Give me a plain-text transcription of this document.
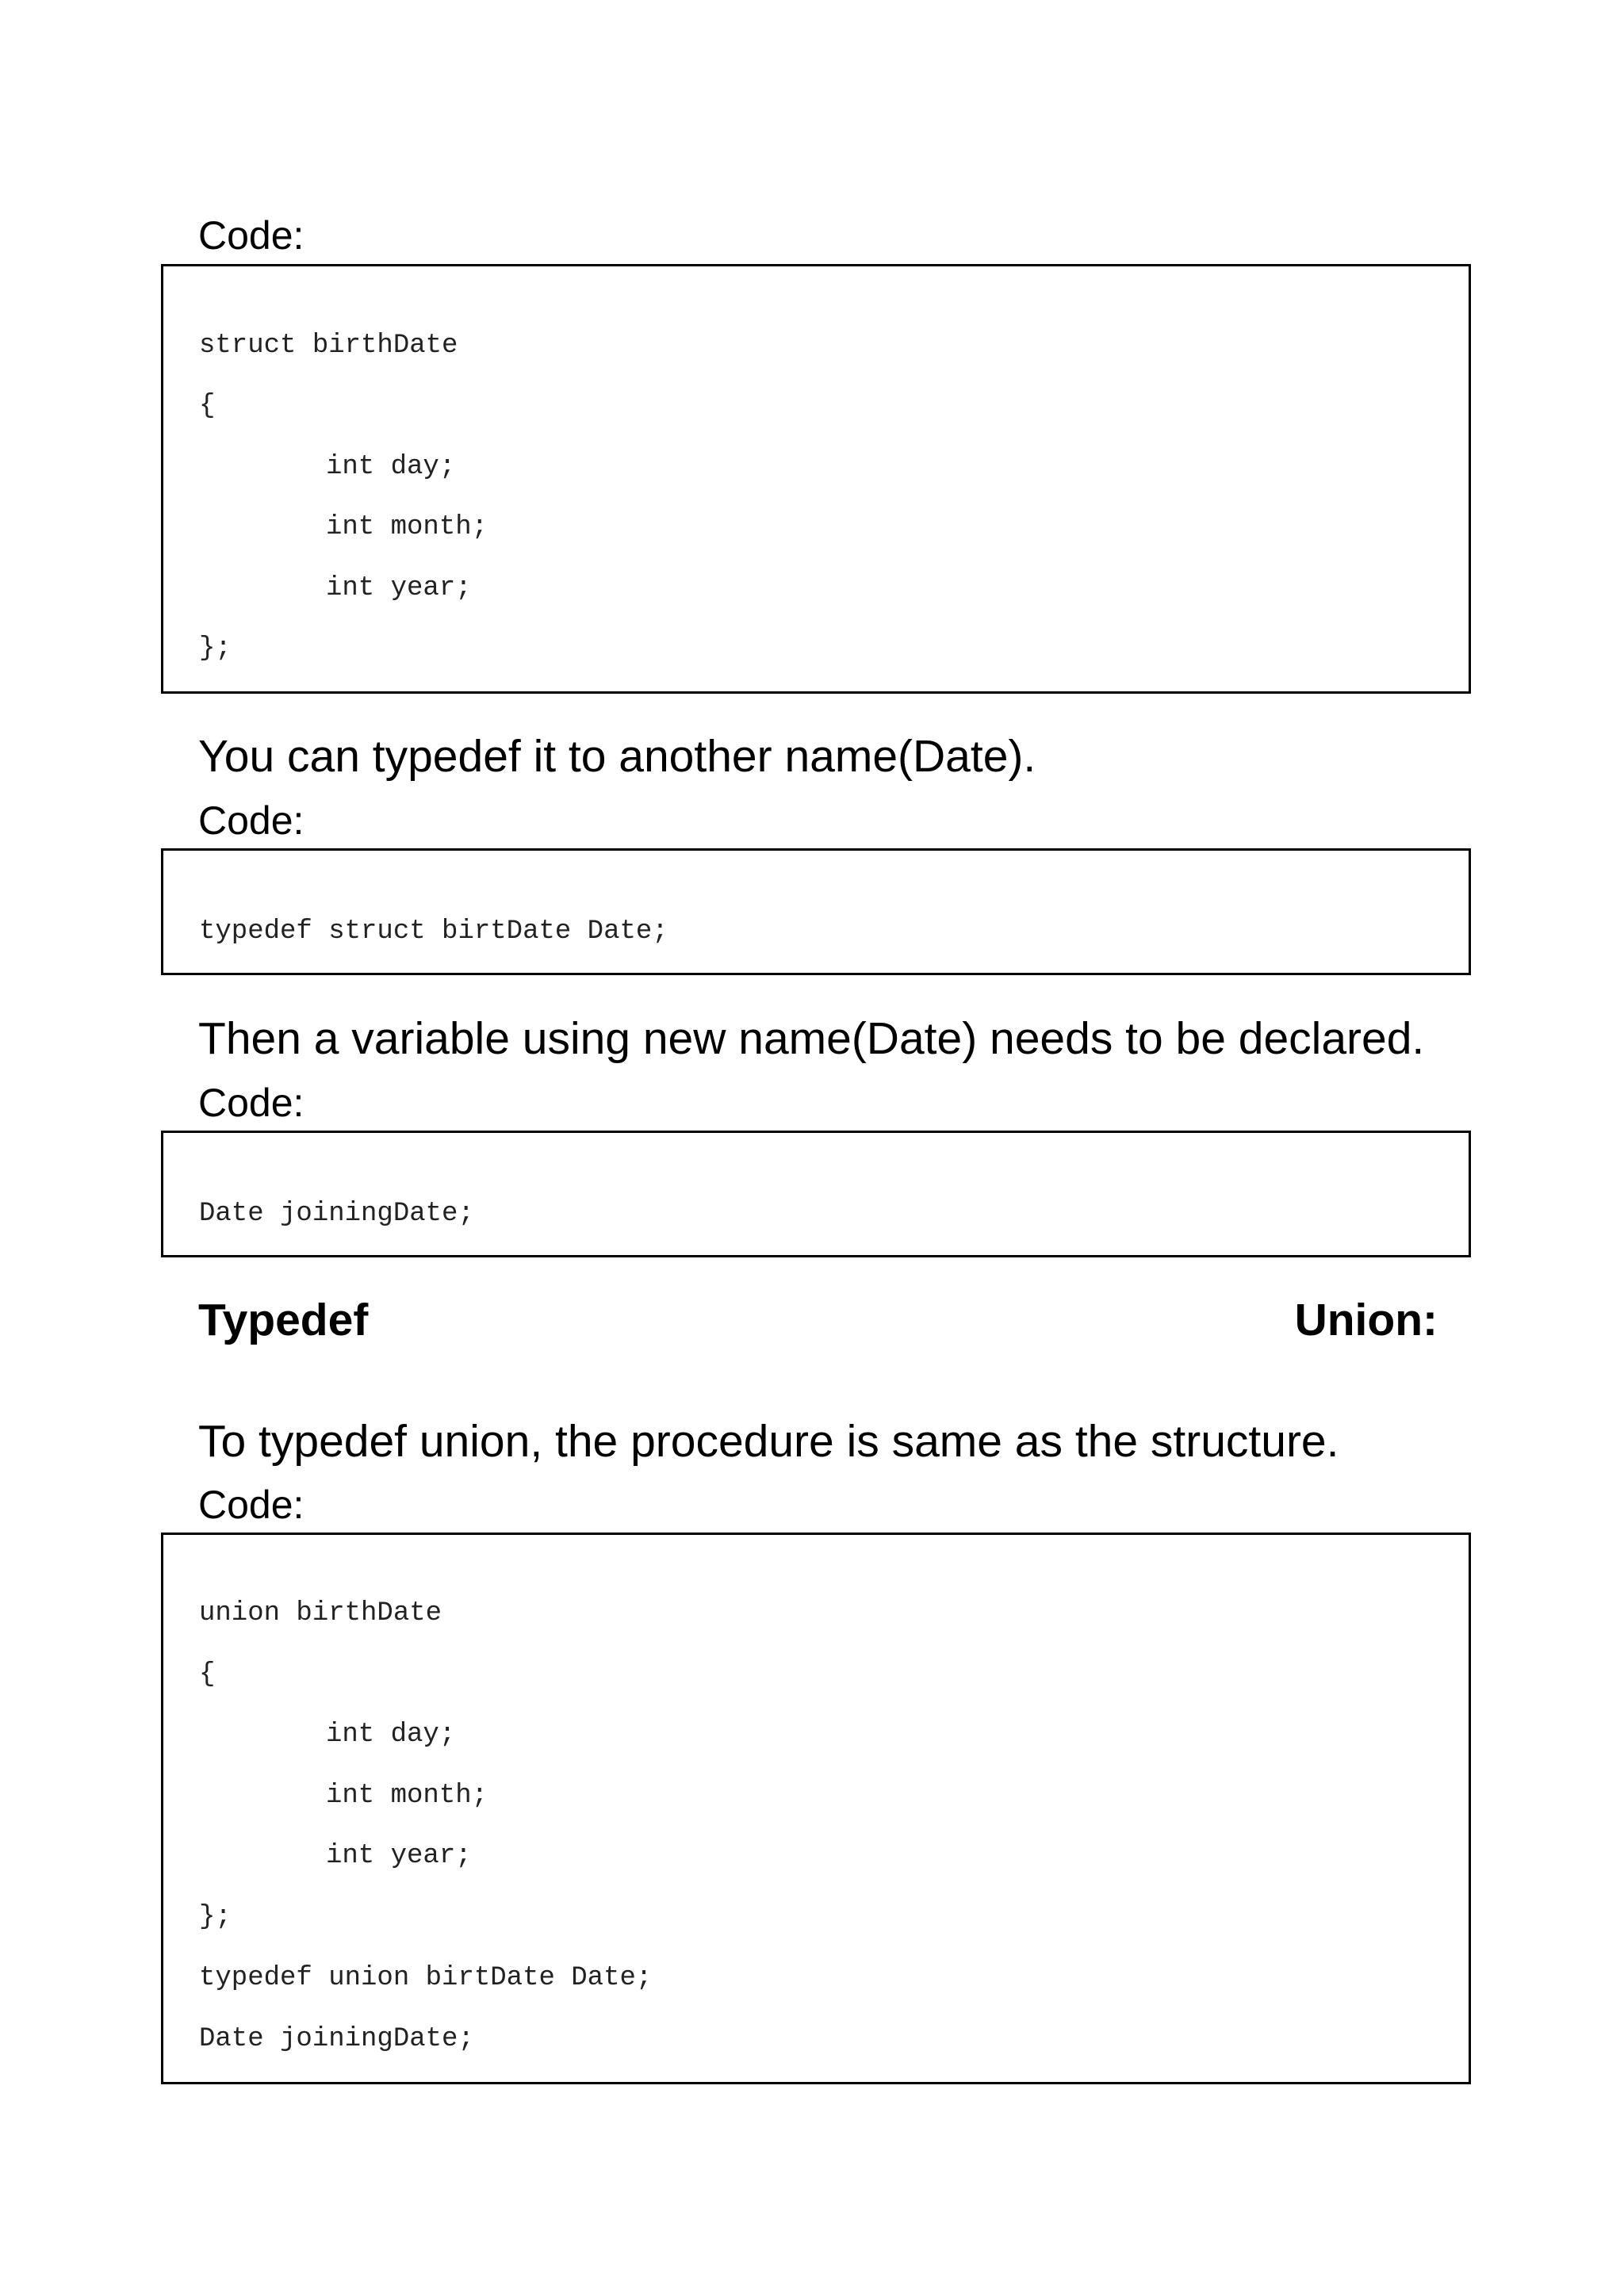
Code:
struct birthDate
{
int day;
int month;
int year;
};
You can typedef it to another name(Date).
Code:
typedef struct birtDate Date;
Then a variable using new name(Date) needs to be declared.
Code:
Date joiningDate;
Typedef	Union:
To typedef union, the procedure is same as the structure.
Code:
union birthDate
{
int day;
int month;
int year;
};
typedef union birtDate Date;
Date joiningDate;
